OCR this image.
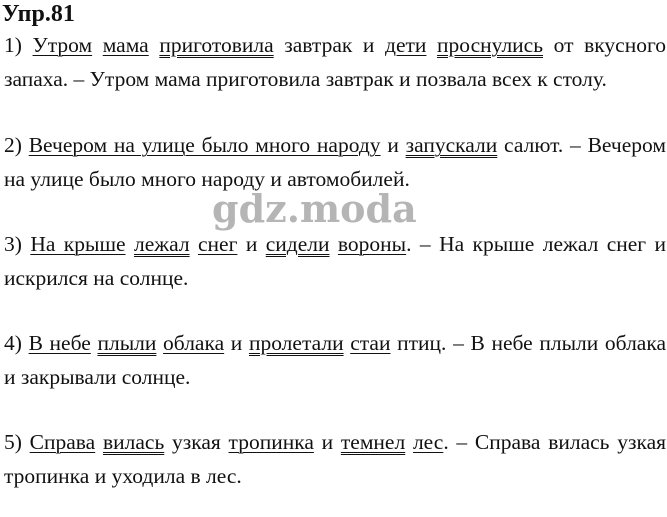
Упр.81
gdz.moda
1) Утром мама приготовила завтрак и дети проснулись от вкусного запаха. – Утром мама приготовила завтрак и позвала всех к столу.
2) Вечером на улице было много народу и запускали салют. – Вечером на улице было много народу и автомобилей.
3) На крыше лежал снег и сидели вороны. – На крыше лежал снег и искрился на солнце.
4) В небе плыли облака и пролетали стаи птиц. – В небе плыли облака и закрывали солнце.
5) Справа вилась узкая тропинка и темнел лес. – Справа вилась узкая тропинка и уходила в лес.
